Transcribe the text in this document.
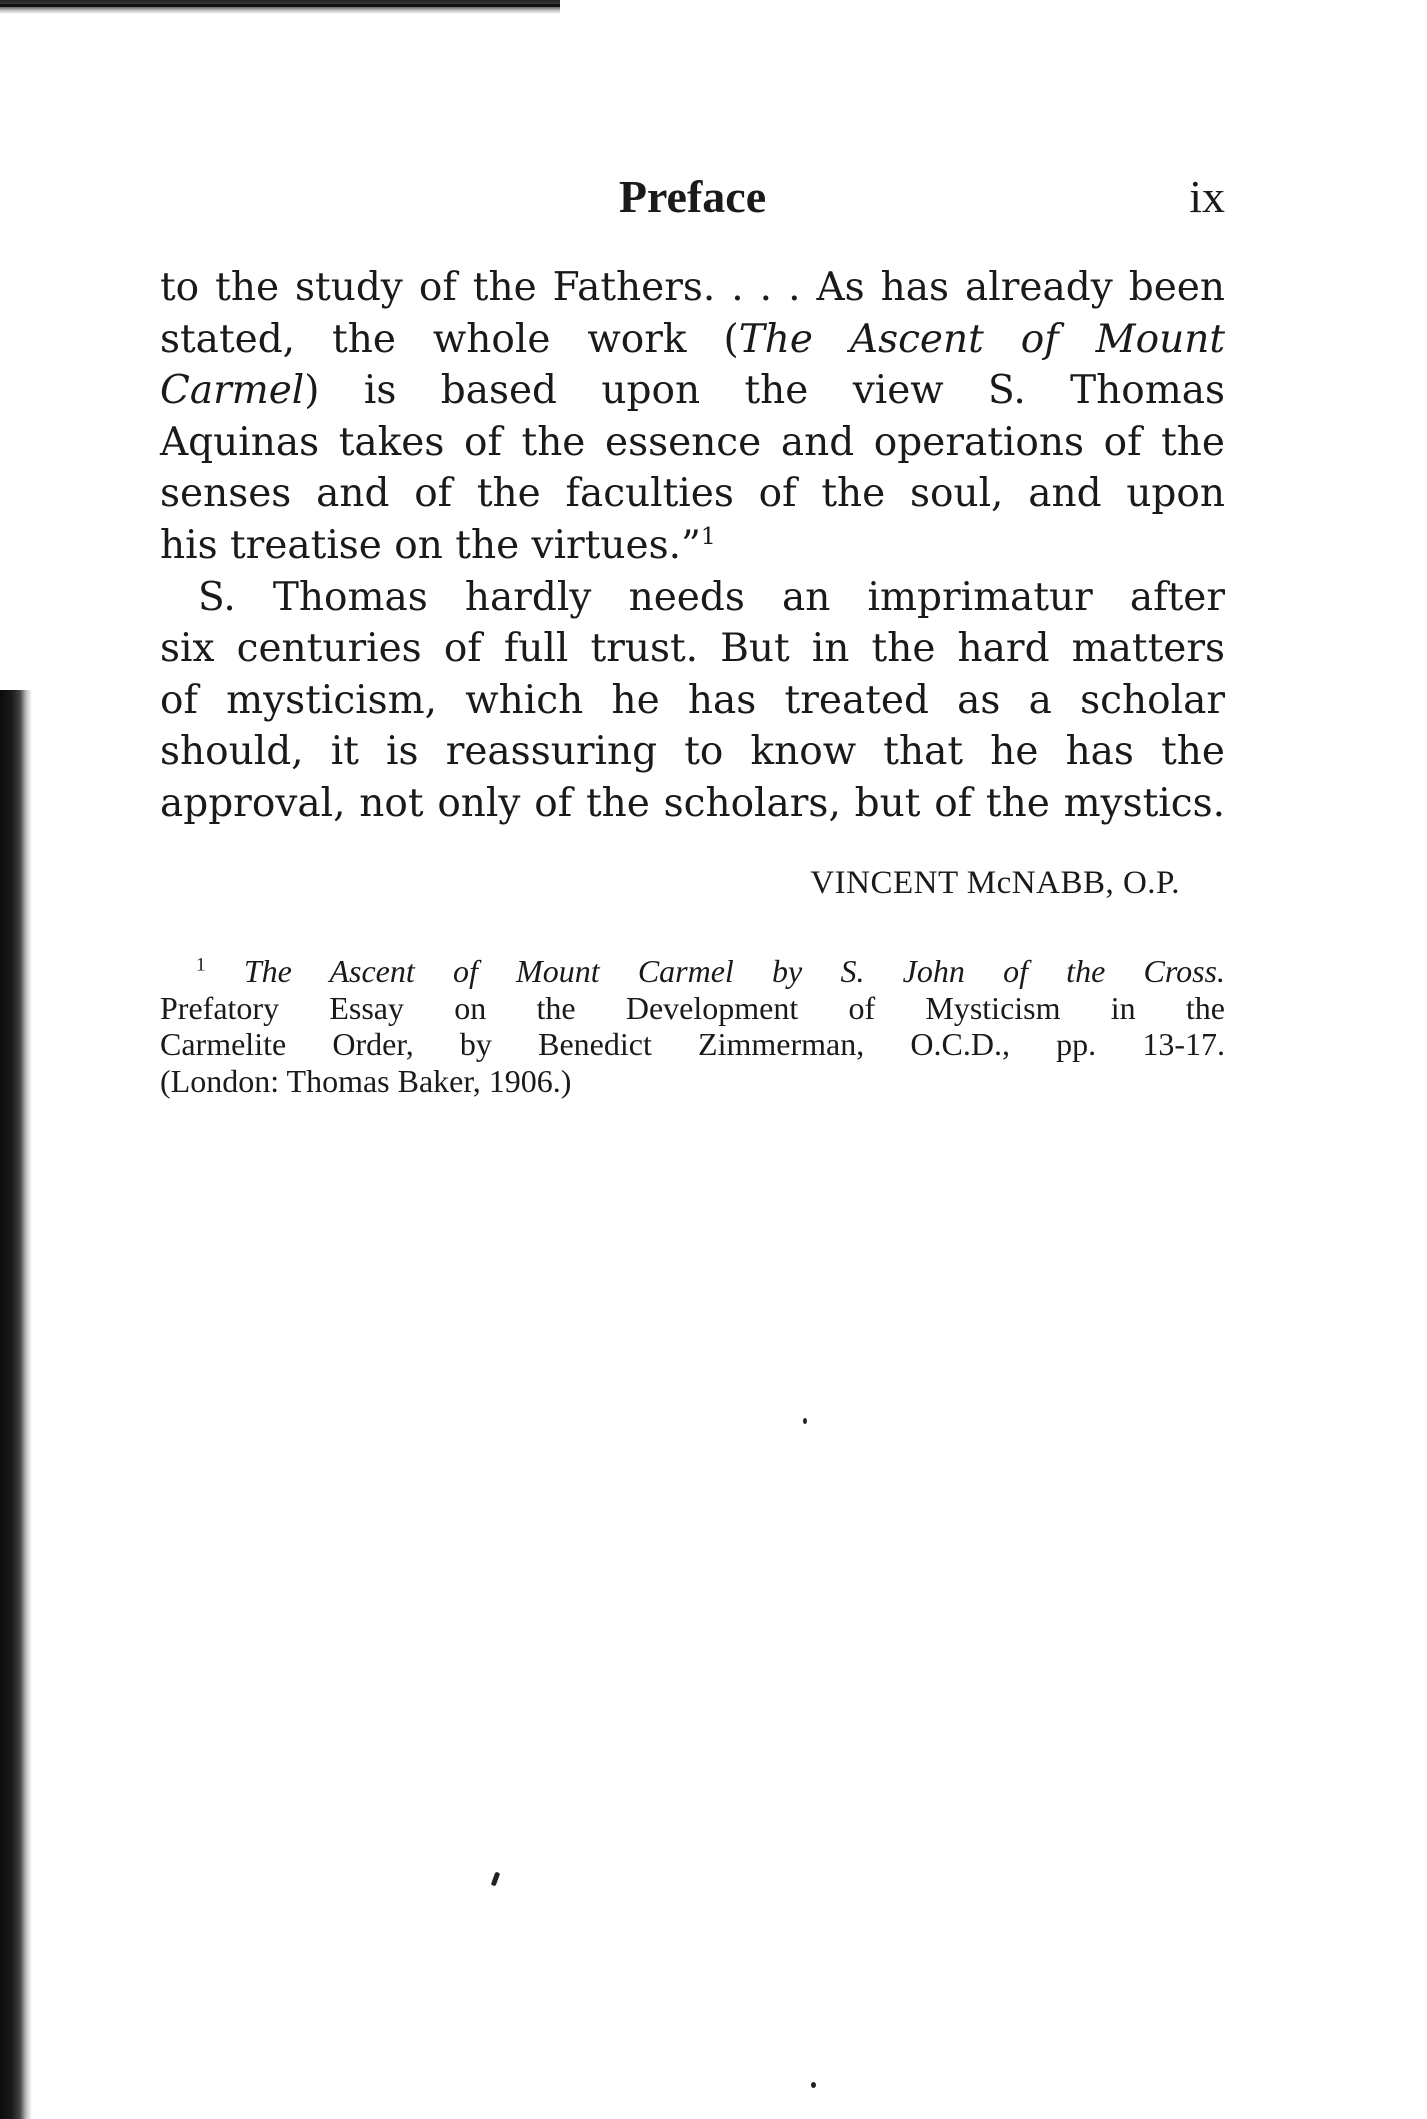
Preface	ix
to the study of the Fathers. . . . As has already been
stated, the whole work (The Ascent of Mount
Carmel) is based upon the view S. Thomas
Aquinas takes of the essence and operations of the
senses and of the faculties of the soul, and upon
his treatise on the virtues.”$^1$
S. Thomas hardly needs an imprimatur after
six centuries of full trust. But in the hard matters
of mysticism, which he has treated as a scholar
should, it is reassuring to know that he has the
approval, not only of the scholars, but of the mystics.
VINCENT McNABB, O.P.
$^1$ The Ascent of Mount Carmel by S. John of the Cross.
Prefatory Essay on the Development of Mysticism in the
Carmelite Order, by Benedict Zimmerman, O.C.D., pp. 13-17.
(London: Thomas Baker, 1906.)
